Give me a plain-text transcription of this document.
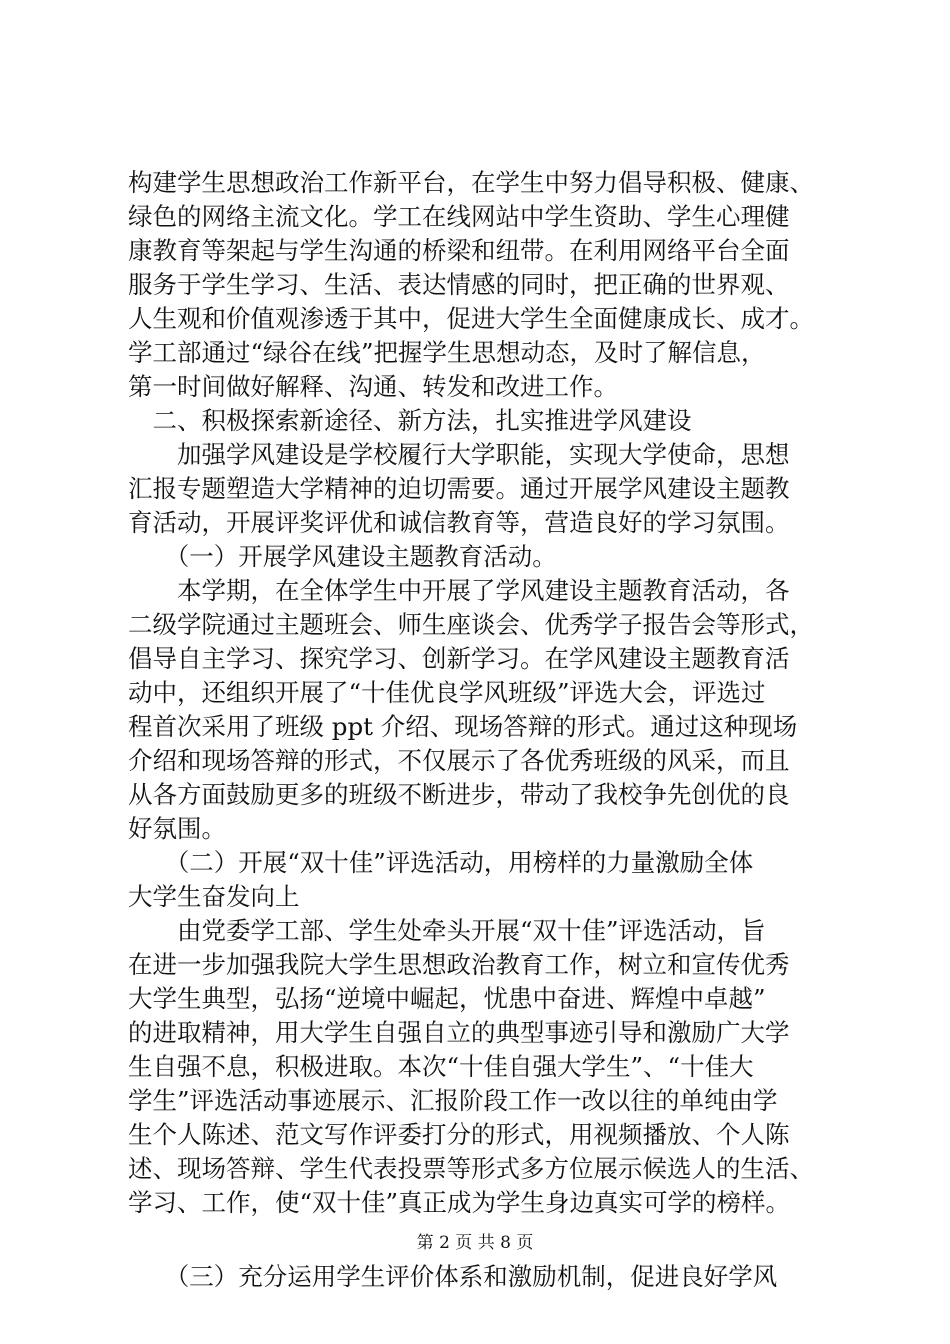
构建学生思想政治工作新平台，在学生中努力倡导积极、健康、
绿色的网络主流文化。学工在线网站中学生资助、学生心理健
康教育等架起与学生沟通的桥梁和纽带。在利用网络平台全面
服务于学生学习、生活、表达情感的同时，把正确的世界观、
人生观和价值观渗透于其中，促进大学生全面健康成长、成才。
学工部通过“绿谷在线”把握学生思想动态，及时了解信息，
第一时间做好解释、沟通、转发和改进工作。
　二、积极探索新途径、新方法，扎实推进学风建设
　　加强学风建设是学校履行大学职能，实现大学使命，思想
汇报专题塑造大学精神的迫切需要。通过开展学风建设主题教
育活动，开展评奖评优和诚信教育等，营造良好的学习氛围。
　　（一）开展学风建设主题教育活动。
　　本学期，在全体学生中开展了学风建设主题教育活动，各
二级学院通过主题班会、师生座谈会、优秀学子报告会等形式，
倡导自主学习、探究学习、创新学习。在学风建设主题教育活
动中，还组织开展了“十佳优良学风班级”评选大会，评选过
程首次采用了班级 ppt 介绍、现场答辩的形式。通过这种现场
介绍和现场答辩的形式，不仅展示了各优秀班级的风采，而且
从各方面鼓励更多的班级不断进步，带动了我校争先创优的良
好氛围。
　　（二）开展“双十佳”评选活动，用榜样的力量激励全体
大学生奋发向上
　　由党委学工部、学生处牵头开展“双十佳”评选活动，旨
在进一步加强我院大学生思想政治教育工作，树立和宣传优秀
大学生典型，弘扬“逆境中崛起，忧患中奋进、辉煌中卓越”
的进取精神，用大学生自强自立的典型事迹引导和激励广大学
生自强不息，积极进取。本次“十佳自强大学生”、“十佳大
学生”评选活动事迹展示、汇报阶段工作一改以往的单纯由学
生个人陈述、范文写作评委打分的形式，用视频播放、个人陈
述、现场答辩、学生代表投票等形式多方位展示候选人的生活、
学习、工作，使“双十佳”真正成为学生身边真实可学的榜样。
　　（三）充分运用学生评价体系和激励机制，促进良好学风
第 2 页 共 8 页
